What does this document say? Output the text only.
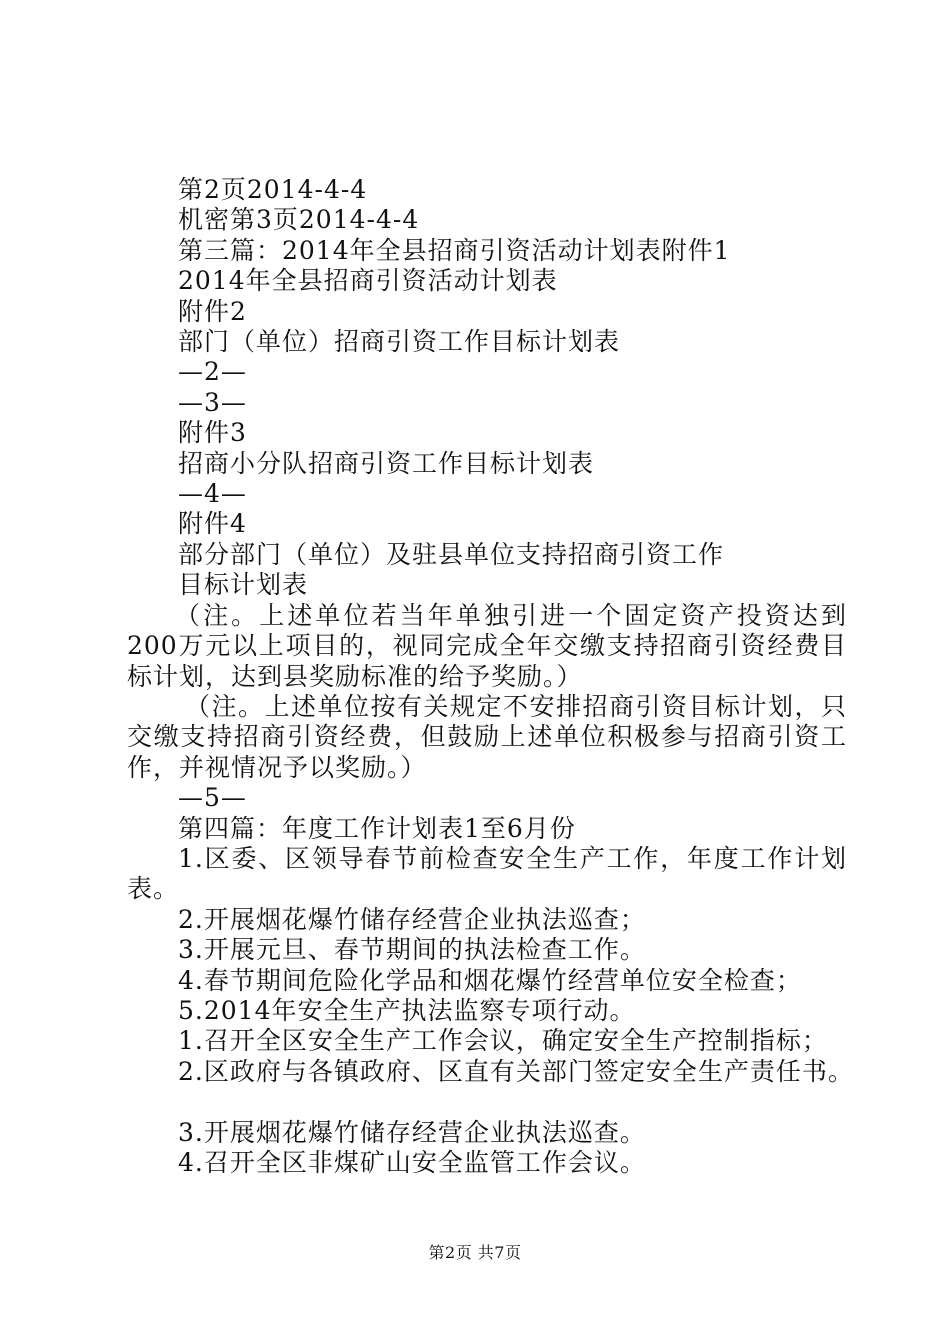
第2页2014-4-4

机密第3页2014-4-4

第三篇：2014年全县招商引资活动计划表附件1

2014年全县招商引资活动计划表

附件2

部门（单位）招商引资工作目标计划表

—2—

—3—

附件3

招商小分队招商引资工作目标计划表

—4—

附件4

部分部门（单位）及驻县单位支持招商引资工作

目标计划表

（注。上述单位若当年单独引进一个固定资产投资达到200万元以上项目的，视同完成全年交缴支持招商引资经费目标计划，达到县奖励标准的给予奖励。）

（注。上述单位按有关规定不安排招商引资目标计划，只交缴支持招商引资经费，但鼓励上述单位积极参与招商引资工作，并视情况予以奖励。）

—5—

第四篇：年度工作计划表1至6月份

1.区委、区领导春节前检查安全生产工作，年度工作计划表。

2.开展烟花爆竹储存经营企业执法巡查；

3.开展元旦、春节期间的执法检查工作。

4.春节期间危险化学品和烟花爆竹经营单位安全检查；

5.2014年安全生产执法监察专项行动。

1.召开全区安全生产工作会议，确定安全生产控制指标；

2.区政府与各镇政府、区直有关部门签定安全生产责任书。

3.开展烟花爆竹储存经营企业执法巡查。

4.召开全区非煤矿山安全监管工作会议。

第2页 共7页
